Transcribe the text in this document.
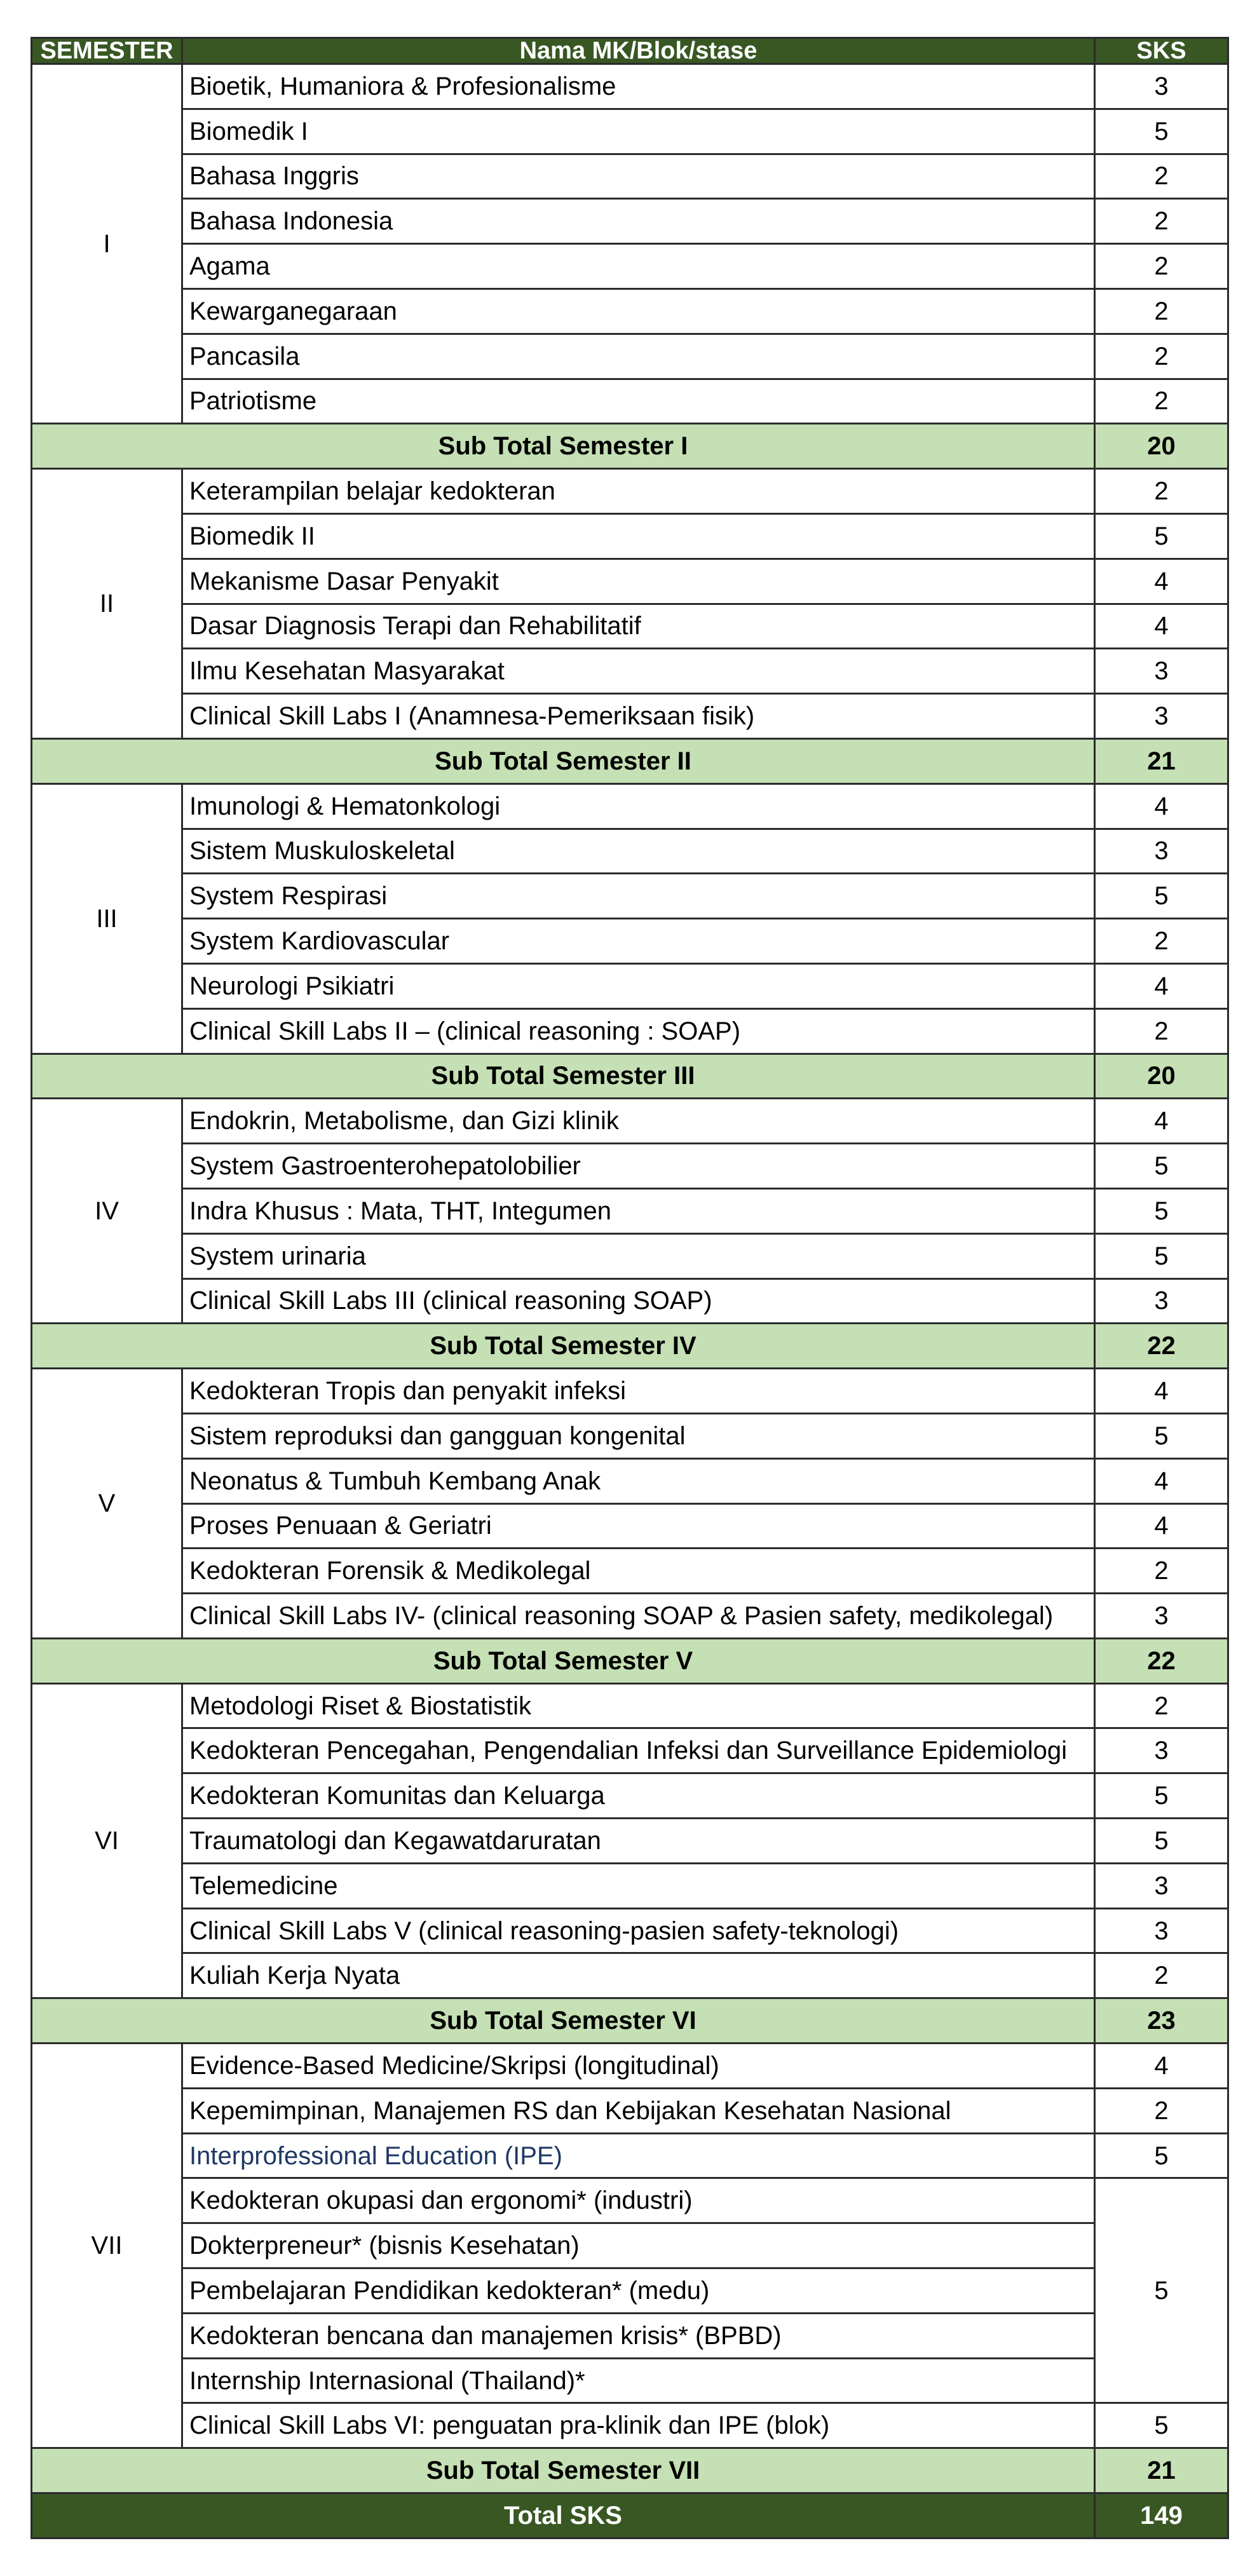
SEMESTER	Nama MK/Blok/stase	SKS
I	Bioetik, Humaniora & Profesionalisme	3
	Biomedik I	5
	Bahasa Inggris	2
	Bahasa Indonesia	2
	Agama	2
	Kewarganegaraan	2
	Pancasila	2
	Patriotisme	2
Sub Total Semester I		20
II	Keterampilan belajar kedokteran	2
	Biomedik II	5
	Mekanisme Dasar Penyakit	4
	Dasar Diagnosis Terapi dan Rehabilitatif	4
	Ilmu Kesehatan Masyarakat	3
	Clinical Skill Labs I (Anamnesa-Pemeriksaan fisik)	3
Sub Total Semester II		21
III	Imunologi & Hematonkologi	4
	Sistem Muskuloskeletal	3
	System Respirasi	5
	System Kardiovascular	2
	Neurologi Psikiatri	4
	Clinical Skill Labs II – (clinical reasoning : SOAP)	2
Sub Total Semester III		20
IV	Endokrin, Metabolisme, dan Gizi klinik	4
	System Gastroenterohepatolobilier	5
	Indra Khusus : Mata, THT, Integumen	5
	System urinaria	5
	Clinical Skill Labs III (clinical reasoning SOAP)	3
Sub Total Semester IV		22
V	Kedokteran Tropis dan penyakit infeksi	4
	Sistem reproduksi dan gangguan kongenital	5
	Neonatus & Tumbuh Kembang Anak	4
	Proses Penuaan & Geriatri	4
	Kedokteran Forensik & Medikolegal	2
	Clinical Skill Labs IV- (clinical reasoning SOAP & Pasien safety, medikolegal)	3
Sub Total Semester V		22
VI	Metodologi Riset & Biostatistik	2
	Kedokteran Pencegahan, Pengendalian Infeksi dan Surveillance Epidemiologi	3
	Kedokteran Komunitas dan Keluarga	5
	Traumatologi dan Kegawatdaruratan	5
	Telemedicine	3
	Clinical Skill Labs V (clinical reasoning-pasien safety-teknologi)	3
	Kuliah Kerja Nyata	2
Sub Total Semester VI		23
VII	Evidence-Based Medicine/Skripsi (longitudinal)	4
	Kepemimpinan, Manajemen RS dan Kebijakan Kesehatan Nasional	2
	Interprofessional Education (IPE)	5
	Kedokteran okupasi dan ergonomi* (industri)	5
	Dokterpreneur* (bisnis Kesehatan)	
	Pembelajaran Pendidikan kedokteran* (medu)	
	Kedokteran bencana dan manajemen krisis* (BPBD)	
	Internship Internasional (Thailand)*	
	Clinical Skill Labs VI: penguatan pra-klinik dan IPE (blok)	5
Sub Total Semester VII		21
Total SKS		149
